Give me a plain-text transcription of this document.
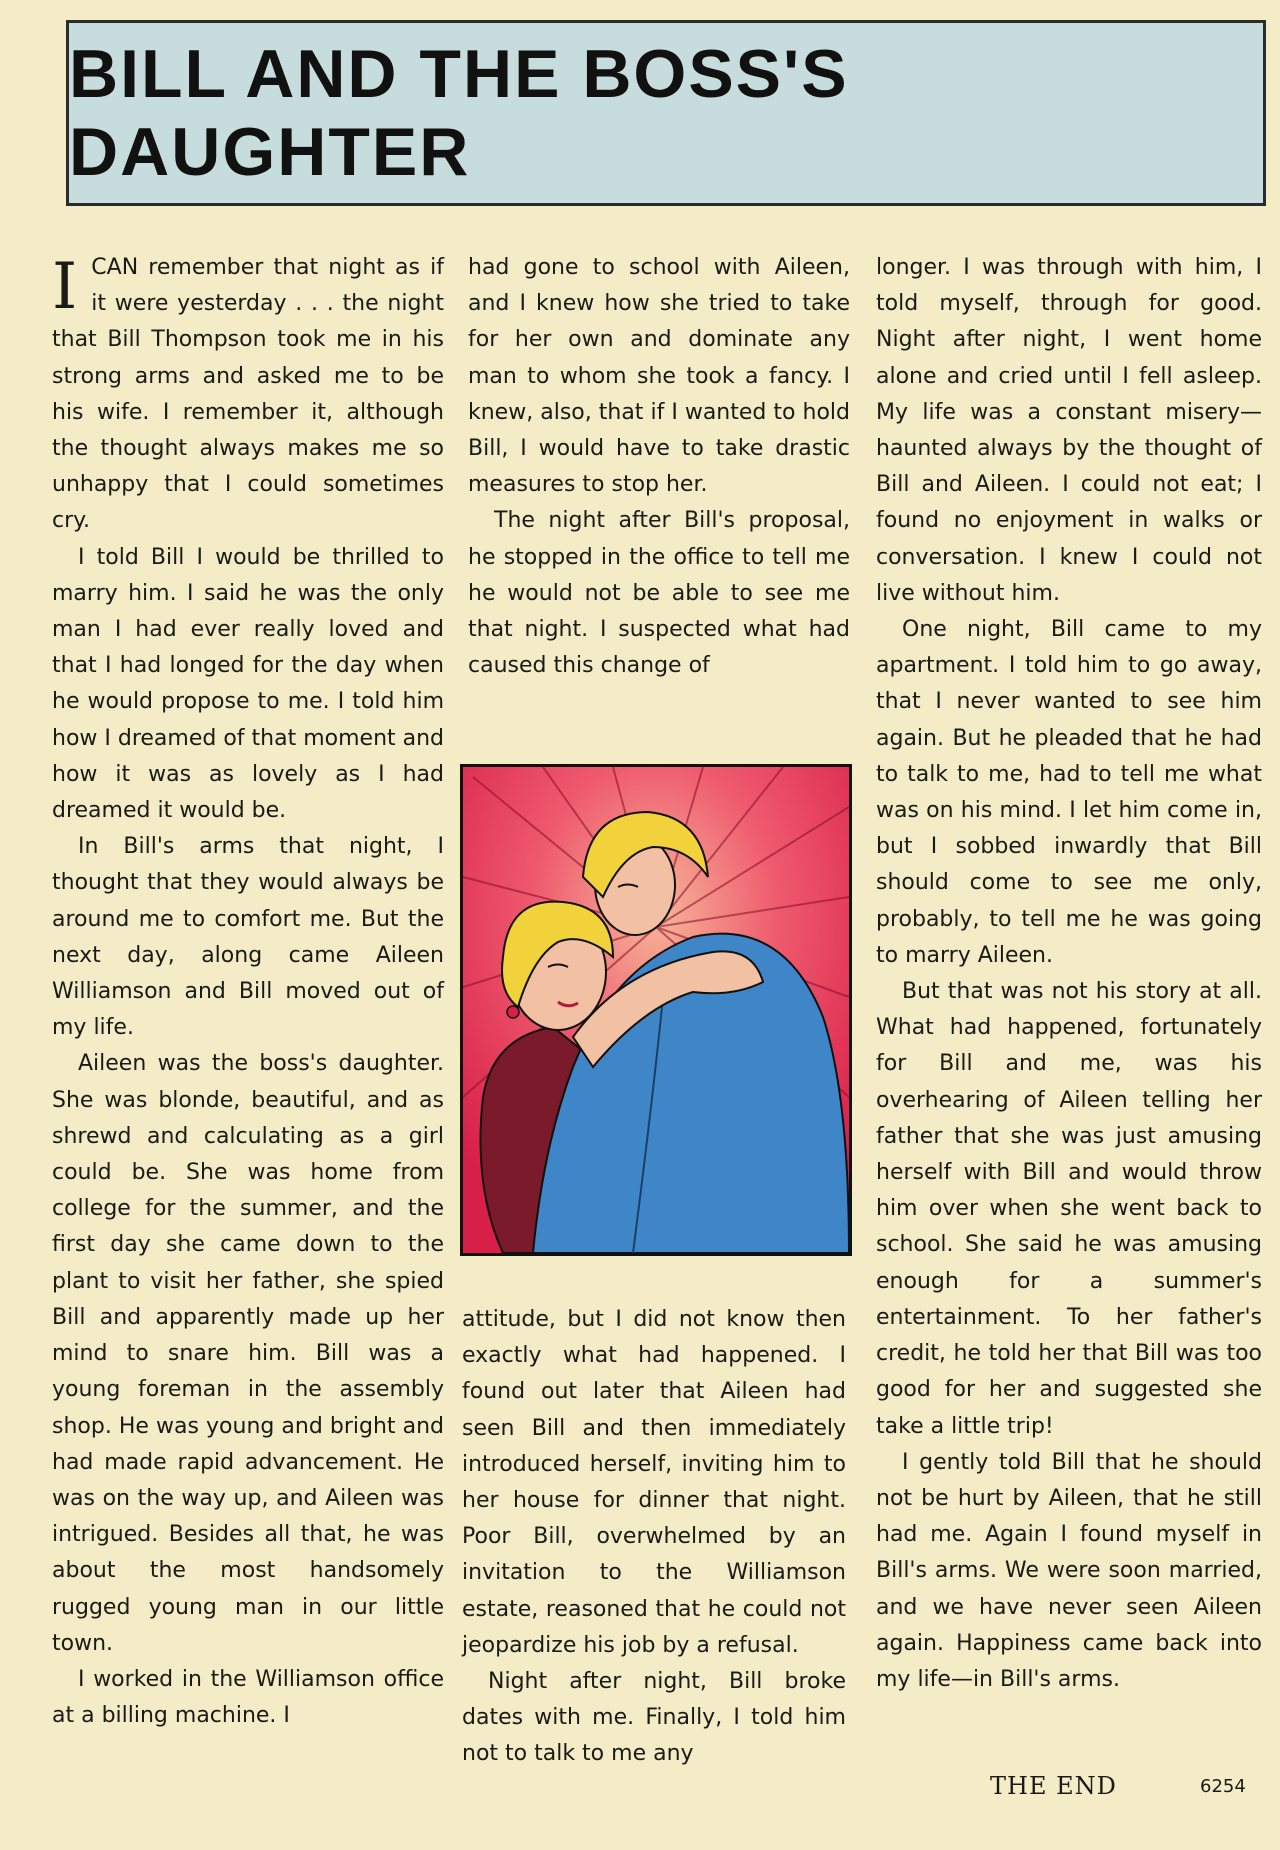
BILL AND THE BOSS'S DAUGHTER

ICAN remember that night as if it were yesterday . . . the night that Bill Thompson took me in his strong arms and asked me to be his wife. I remember it, although the thought always makes me so unhappy that I could sometimes cry.

I told Bill I would be thrilled to marry him. I said he was the only man I had ever really loved and that I had longed for the day when he would propose to me. I told him how I dreamed of that moment and how it was as lovely as I had dreamed it would be.

In Bill's arms that night, I thought that they would always be around me to comfort me. But the next day, along came Aileen Williamson and Bill moved out of my life.

Aileen was the boss's daughter. She was blonde, beautiful, and as shrewd and calculating as a girl could be. She was home from college for the summer, and the first day she came down to the plant to visit her father, she spied Bill and apparently made up her mind to snare him. Bill was a young foreman in the assembly shop. He was young and bright and had made rapid advancement. He was on the way up, and Aileen was intrigued. Besides all that, he was about the most handsomely rugged young man in our little town.

I worked in the Williamson office at a billing machine. I

had gone to school with Aileen, and I knew how she tried to take for her own and dominate any man to whom she took a fancy. I knew, also, that if I wanted to hold Bill, I would have to take drastic measures to stop her.

The night after Bill's proposal, he stopped in the office to tell me he would not be able to see me that night. I suspected what had caused this change of

attitude, but I did not know then exactly what had happened. I found out later that Aileen had seen Bill and then immediately introduced herself, inviting him to her house for dinner that night. Poor Bill, overwhelmed by an invitation to the Williamson estate, reasoned that he could not jeopardize his job by a refusal.

Night after night, Bill broke dates with me. Finally, I told him not to talk to me any

longer. I was through with him, I told myself, through for good. Night after night, I went home alone and cried until I fell asleep. My life was a constant misery—haunted always by the thought of Bill and Aileen. I could not eat; I found no enjoyment in walks or conversation. I knew I could not live without him.

One night, Bill came to my apartment. I told him to go away, that I never wanted to see him again. But he pleaded that he had to talk to me, had to tell me what was on his mind. I let him come in, but I sobbed inwardly that Bill should come to see me only, probably, to tell me he was going to marry Aileen.

But that was not his story at all. What had happened, fortunately for Bill and me, was his overhearing of Aileen telling her father that she was just amusing herself with Bill and would throw him over when she went back to school. She said he was amusing enough for a summer's entertainment. To her father's credit, he told her that Bill was too good for her and suggested she take a little trip!

I gently told Bill that he should not be hurt by Aileen, that he still had me. Again I found myself in Bill's arms. We were soon married, and we have never seen Aileen again. Happiness came back into my life—in Bill's arms.

THE END	6254
